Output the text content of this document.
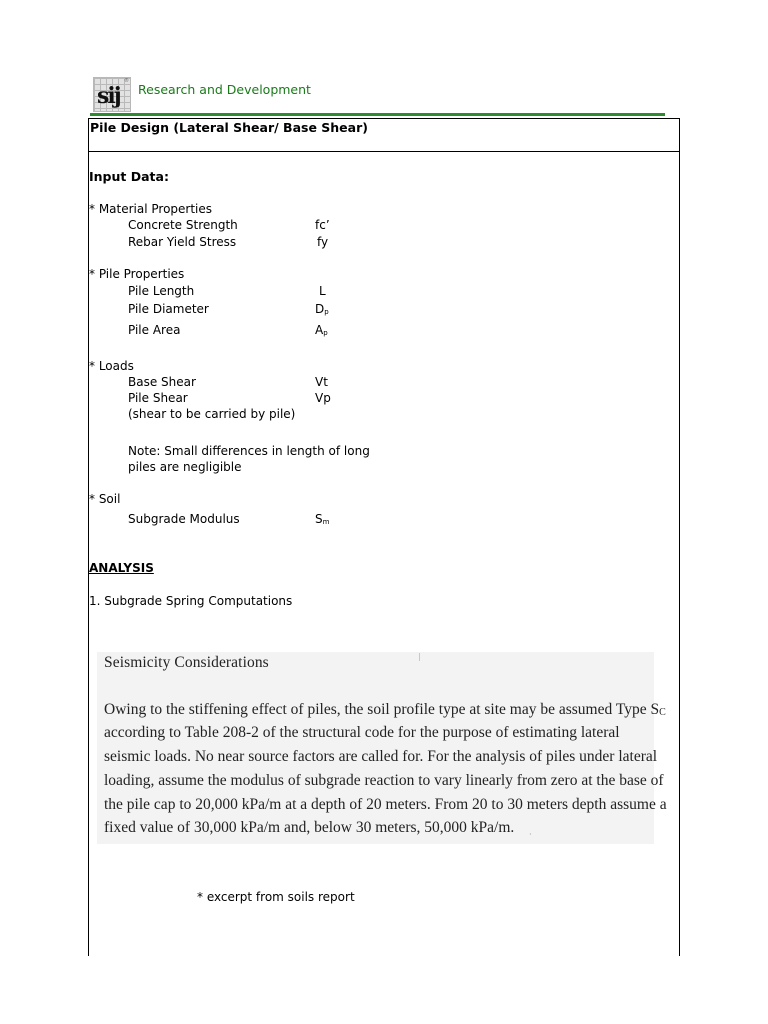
sij
®
Research and Development
Pile Design (Lateral Shear/ Base Shear)
Input Data:
* Material Properties
Concrete Strength	fc’
Rebar Yield Stress	fy
* Pile Properties
Pile Length	L
Pile Diameter	$D_p$
Pile Area	$A_p$
* Loads
Base Shear	Vt
Pile Shear	Vp
(shear to be carried by pile)
Note: Small differences in length of long
piles are negligible
* Soil
Subgrade Modulus	$S_m$
ANALYSIS
1. Subgrade Spring Computations
Seismicity Considerations
Owing to the stiffening effect of piles, the soil profile type at site may be assumed Type $S_C$
according to Table 208-2 of the structural code for the purpose of estimating lateral
seismic loads. No near source factors are called for. For the analysis of piles under lateral
loading, assume the modulus of subgrade reaction to vary linearly from zero at the base of
the pile cap to 20,000 kPa/m at a depth of 20 meters. From 20 to 30 meters depth assume a
fixed value of 30,000 kPa/m and, below 30 meters, 50,000 kPa/m.
|
·
* excerpt from soils report
